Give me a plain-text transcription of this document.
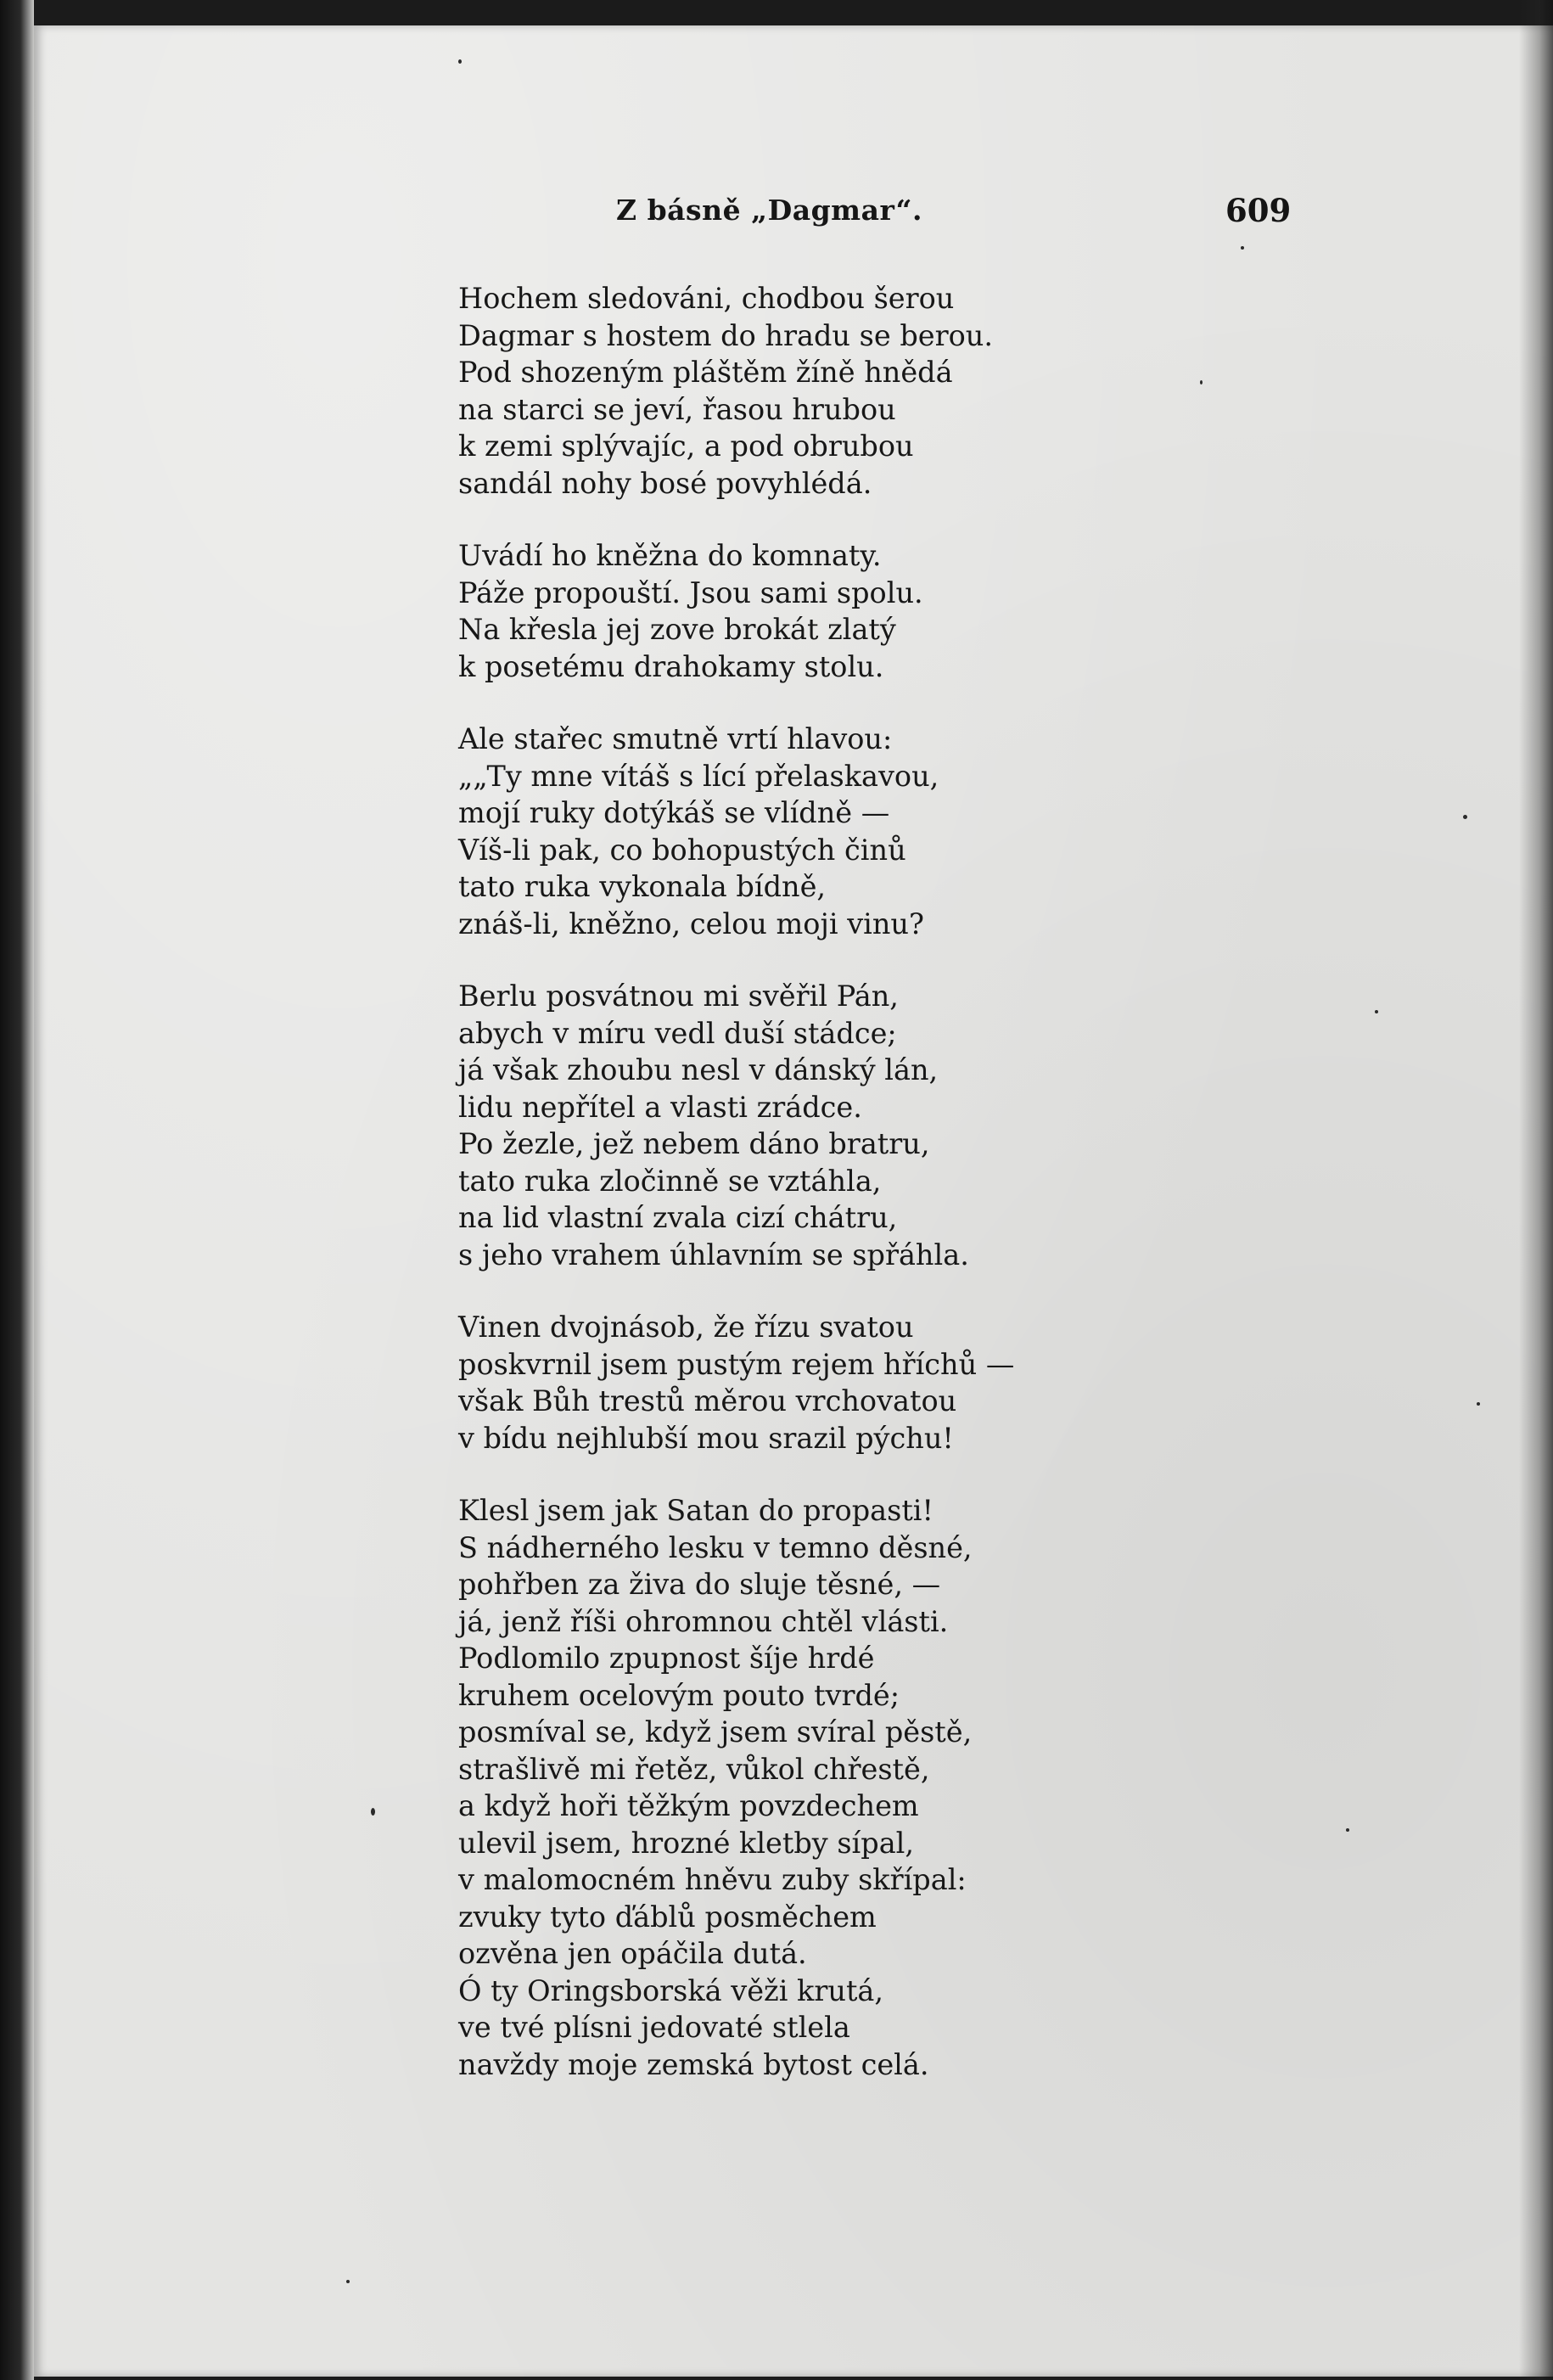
Z básně „Dagmar“.	609
Hochem sledováni, chodbou šerou
Dagmar s hostem do hradu se berou.
Pod shozeným pláštěm žíně hnědá
na starci se jeví, řasou hrubou
k zemi splývajíc, a pod obrubou
sandál nohy bosé povyhlédá.
Uvádí ho kněžna do komnaty.
Páže propouští. Jsou sami spolu.
Na křesla jej zove brokát zlatý
k posetému drahokamy stolu.
Ale stařec smutně vrtí hlavou:
„„Ty mne vítáš s lící přelaskavou,
mojí ruky dotýkáš se vlídně —
Víš-li pak, co bohopustých činů
tato ruka vykonala bídně,
znáš-li, kněžno, celou moji vinu?
Berlu posvátnou mi svěřil Pán,
abych v míru vedl duší stádce;
já však zhoubu nesl v dánský lán,
lidu nepřítel a vlasti zrádce.
Po žezle, jež nebem dáno bratru,
tato ruka zločinně se vztáhla,
na lid vlastní zvala cizí chátru,
s jeho vrahem úhlavním se spřáhla.
Vinen dvojnásob, že řízu svatou
poskvrnil jsem pustým rejem hříchů —
však Bůh trestů měrou vrchovatou
v bídu nejhlubší mou srazil pýchu!
Klesl jsem jak Satan do propasti!
S nádherného lesku v temno děsné,
pohřben za živa do sluje těsné, —
já, jenž říši ohromnou chtěl vlásti.
Podlomilo zpupnost šíje hrdé
kruhem ocelovým pouto tvrdé;
posmíval se, když jsem svíral pěstě,
strašlivě mi řetěz, vůkol chřestě,
a když hoři těžkým povzdechem
ulevil jsem, hrozné kletby sípal,
v malomocném hněvu zuby skřípal:
zvuky tyto ďáblů posměchem
ozvěna jen opáčila dutá.
Ó ty Oringsborská věži krutá,
ve tvé plísni jedovaté stlela
navždy moje zemská bytost celá.
